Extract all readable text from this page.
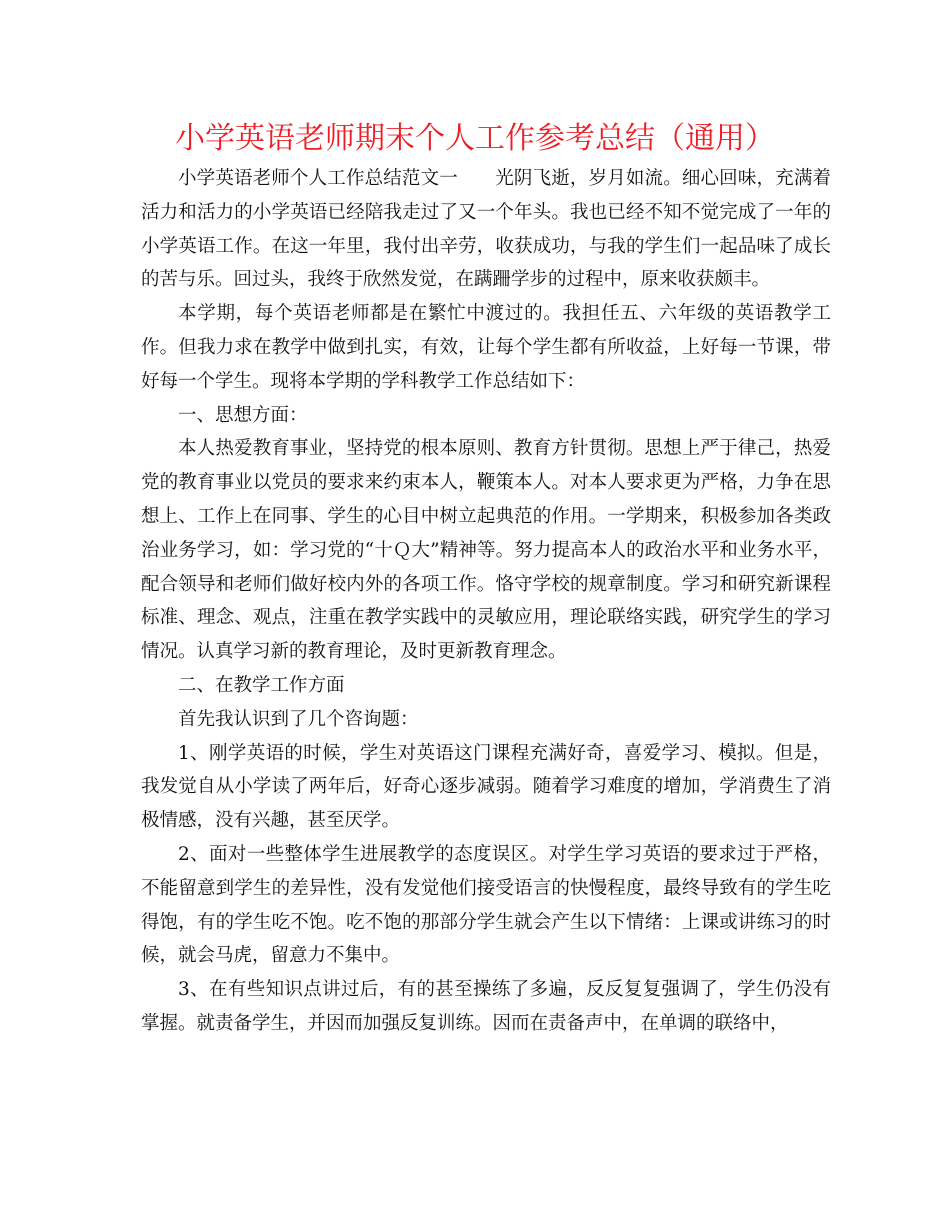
小学英语老师期末个人工作参考总结（通用）

小学英语老师个人工作总结范文一　　光阴飞逝，岁月如流。细心回味，充满着活力和活力的小学英语已经陪我走过了又一个年头。我也已经不知不觉完成了一年的小学英语工作。在这一年里，我付出辛劳，收获成功，与我的学生们一起品味了成长的苦与乐。回过头，我终于欣然发觉，在蹒跚学步的过程中，原来收获颇丰。

本学期，每个英语老师都是在繁忙中渡过的。我担任五、六年级的英语教学工作。但我力求在教学中做到扎实，有效，让每个学生都有所收益，上好每一节课，带好每一个学生。现将本学期的学科教学工作总结如下：

一、思想方面：

本人热爱教育事业，坚持党的根本原则、教育方针贯彻。思想上严于律己，热爱党的教育事业以党员的要求来约束本人，鞭策本人。对本人要求更为严格，力争在思想上、工作上在同事、学生的心目中树立起典范的作用。一学期来，积极参加各类政治业务学习，如：学习党的“十Ｑ大”精神等。努力提高本人的政治水平和业务水平，配合领导和老师们做好校内外的各项工作。恪守学校的规章制度。学习和研究新课程标准、理念、观点，注重在教学实践中的灵敏应用，理论联络实践，研究学生的学习情况。认真学习新的教育理论，及时更新教育理念。

二、在教学工作方面

首先我认识到了几个咨询题：

1、刚学英语的时候，学生对英语这门课程充满好奇，喜爱学习、模拟。但是，我发觉自从小学读了两年后，好奇心逐步减弱。随着学习难度的增加，学消费生了消极情感，没有兴趣，甚至厌学。

2、面对一些整体学生进展教学的态度误区。对学生学习英语的要求过于严格，不能留意到学生的差异性，没有发觉他们接受语言的快慢程度，最终导致有的学生吃得饱，有的学生吃不饱。吃不饱的那部分学生就会产生以下情绪：上课或讲练习的时候，就会马虎，留意力不集中。

3、在有些知识点讲过后，有的甚至操练了多遍，反反复复强调了，学生仍没有掌握。就责备学生，并因而加强反复训练。因而在责备声中，在单调的联络中，
